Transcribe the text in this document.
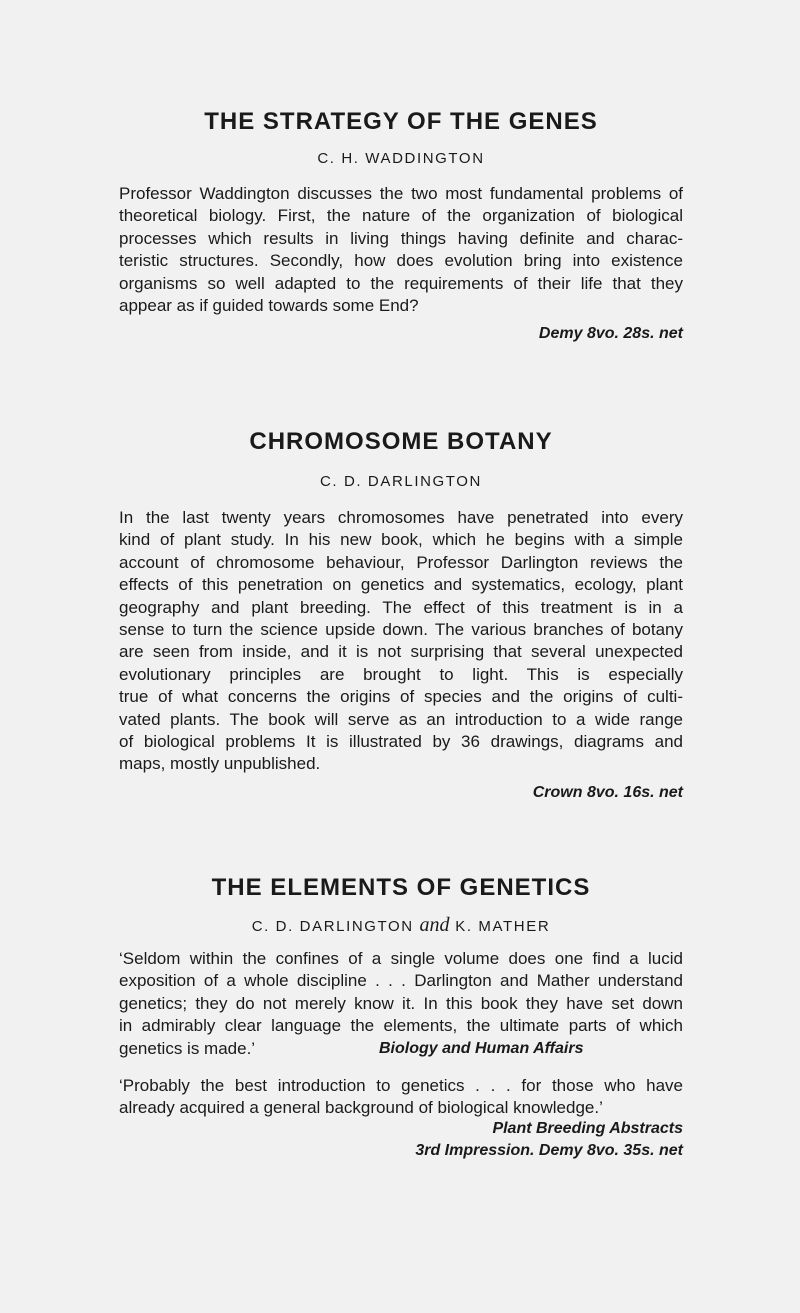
THE STRATEGY OF THE GENES

C. H. WADDINGTON

Professor Waddington discusses the two most fundamental problems of
theoretical biology. First, the nature of the organization of biological
processes which results in living things having definite and charac-
teristic structures. Secondly, how does evolution bring into existence
organisms so well adapted to the requirements of their life that they
appear as if guided towards some End?

Demy 8vo. 28s. net

CHROMOSOME BOTANY

C. D. DARLINGTON

In the last twenty years chromosomes have penetrated into every
kind of plant study. In his new book, which he begins with a simple
account of chromosome behaviour, Professor Darlington reviews the
effects of this penetration on genetics and systematics, ecology, plant
geography and plant breeding. The effect of this treatment is in a
sense to turn the science upside down. The various branches of botany
are seen from inside, and it is not surprising that several unexpected
evolutionary principles are brought to light. This is especially
true of what concerns the origins of species and the origins of culti-
vated plants. The book will serve as an introduction to a wide range
of biological problems It is illustrated by 36 drawings, diagrams and
maps, mostly unpublished.

Crown 8vo. 16s. net

THE ELEMENTS OF GENETICS

C. D. DARLINGTON and K. MATHER

‘Seldom within the confines of a single volume does one find a lucid
exposition of a whole discipline . . . Darlington and Mather understand
genetics; they do not merely know it. In this book they have set down
in admirably clear language the elements, the ultimate parts of which
genetics is made.’	Biology and Human Affairs
‘Probably the best introduction to genetics . . . for those who have
already acquired a general background of biological knowledge.’

Plant Breeding Abstracts

3rd Impression. Demy 8vo. 35s. net
